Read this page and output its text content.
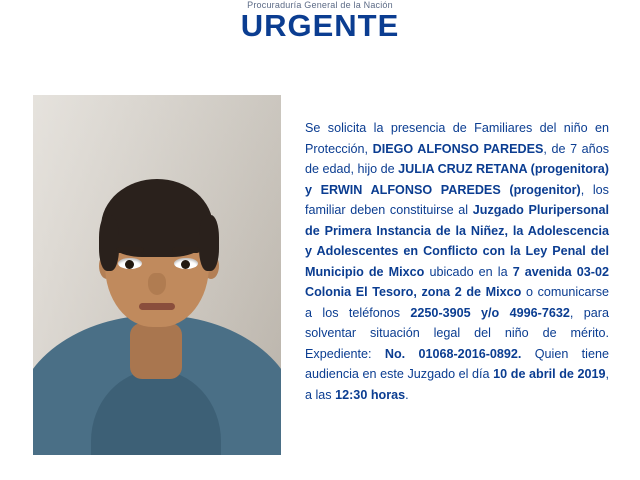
Procuraduría General de la Nación
URGENTE
Se solicita la presencia de Familiares del niño en Protección, DIEGO ALFONSO PAREDES, de 7 años de edad, hijo de JULIA CRUZ RETANA (progenitora) y ERWIN ALFONSO PAREDES (progenitor), los familiar deben constituirse al Juzgado Pluripersonal de Primera Instancia de la Niñez, la Adolescencia y Adolescentes en Conflicto con la Ley Penal del Municipio de Mixco ubicado en la 7 avenida 03-02 Colonia El Tesoro, zona 2 de Mixco o comunicarse a los teléfonos 2250-3905 y/o 4996-7632, para solventar situación legal del niño de mérito. Expediente: No. 01068-2016-0892. Quien tiene audiencia en este Juzgado el día 10 de abril de 2019, a las 12:30 horas.
